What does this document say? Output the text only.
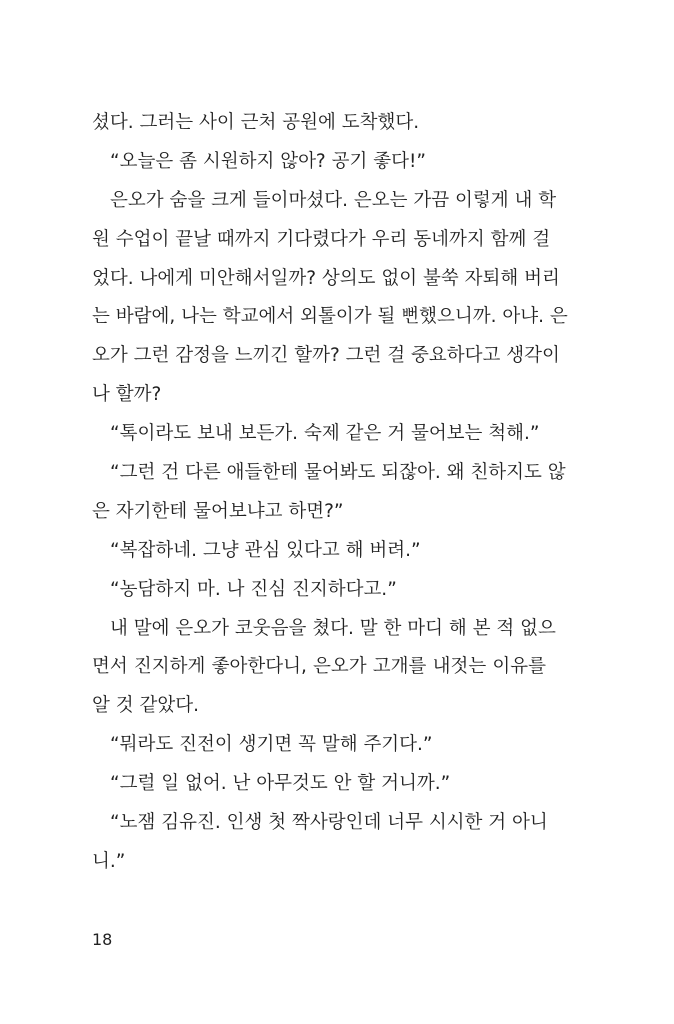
셨다. 그러는 사이 근처 공원에 도착했다.
“오늘은 좀 시원하지 않아? 공기 좋다!”
은오가 숨을 크게 들이마셨다. 은오는 가끔 이렇게 내 학
원 수업이 끝날 때까지 기다렸다가 우리 동네까지 함께 걸
었다. 나에게 미안해서일까? 상의도 없이 불쑥 자퇴해 버리
는 바람에, 나는 학교에서 외톨이가 될 뻔했으니까. 아냐. 은
오가 그런 감정을 느끼긴 할까? 그런 걸 중요하다고 생각이
나 할까?
“톡이라도 보내 보든가. 숙제 같은 거 물어보는 척해.”
“그런 건 다른 애들한테 물어봐도 되잖아. 왜 친하지도 않
은 자기한테 물어보냐고 하면?”
“복잡하네. 그냥 관심 있다고 해 버려.”
“농담하지 마. 나 진심 진지하다고.”
내 말에 은오가 코웃음을 쳤다. 말 한 마디 해 본 적 없으
면서 진지하게 좋아한다니, 은오가 고개를 내젓는 이유를
알 것 같았다.
“뭐라도 진전이 생기면 꼭 말해 주기다.”
“그럴 일 없어. 난 아무것도 안 할 거니까.”
“노잼 김유진. 인생 첫 짝사랑인데 너무 시시한 거 아니
니.”
18
